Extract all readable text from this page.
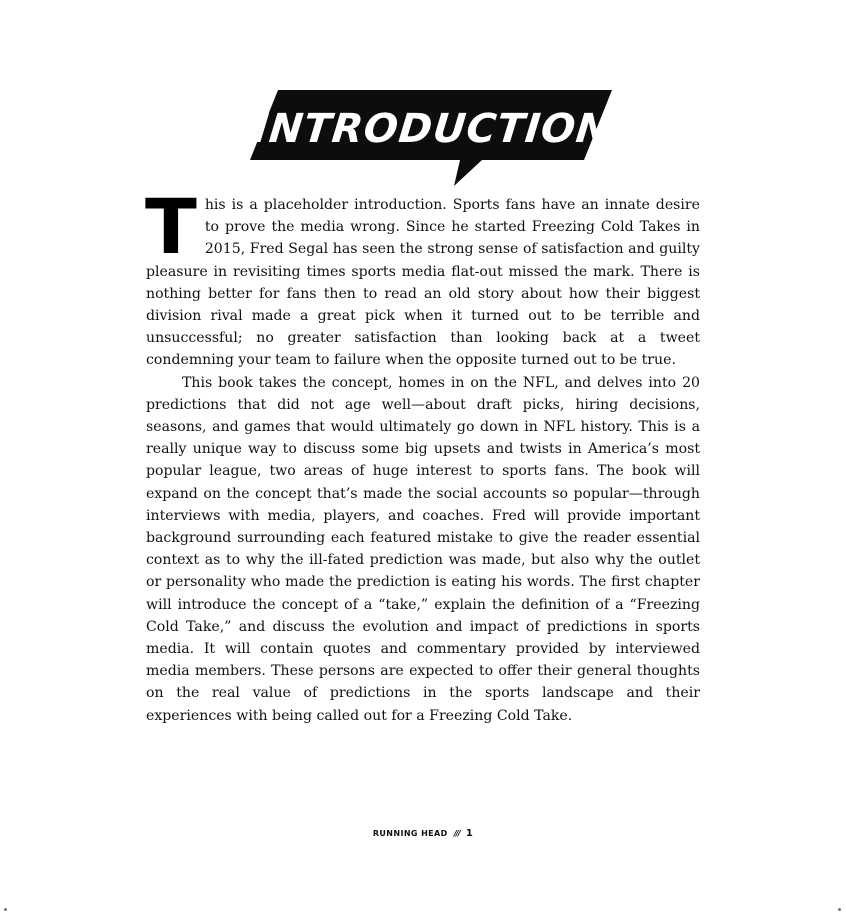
INTRODUCTION

This is a placeholder introduction. Sports fans have an innate desire to prove the media wrong. Since he started Freezing Cold Takes in 2015, Fred Segal has seen the strong sense of satisfaction and guilty pleasure in revisiting times sports media flat-out missed the mark. There is nothing better for fans then to read an old story about how their biggest division rival made a great pick when it turned out to be terrible and unsuccessful; no greater satisfaction than looking back at a tweet condemning your team to failure when the opposite turned out to be true.

This book takes the concept, homes in on the NFL, and delves into 20 predictions that did not age well—about draft picks, hiring decisions, seasons, and games that would ultimately go down in NFL history. This is a really unique way to discuss some big upsets and twists in America’s most popular league, two areas of huge interest to sports fans. The book will expand on the concept that’s made the social accounts so popular—through interviews with media, players, and coaches. Fred will provide important background surrounding each featured mistake to give the reader essential context as to why the ill-fated prediction was made, but also why the outlet or personality who made the prediction is eating his words. The first chapter will introduce the concept of a “take,” explain the definition of a “Freezing Cold Take,” and discuss the evolution and impact of predictions in sports media. It will contain quotes and commentary provided by interviewed media members. These persons are expected to offer their general thoughts on the real value of predictions in the sports landscape and their experiences with being called out for a Freezing Cold Take.

RUNNING HEAD /// 1
